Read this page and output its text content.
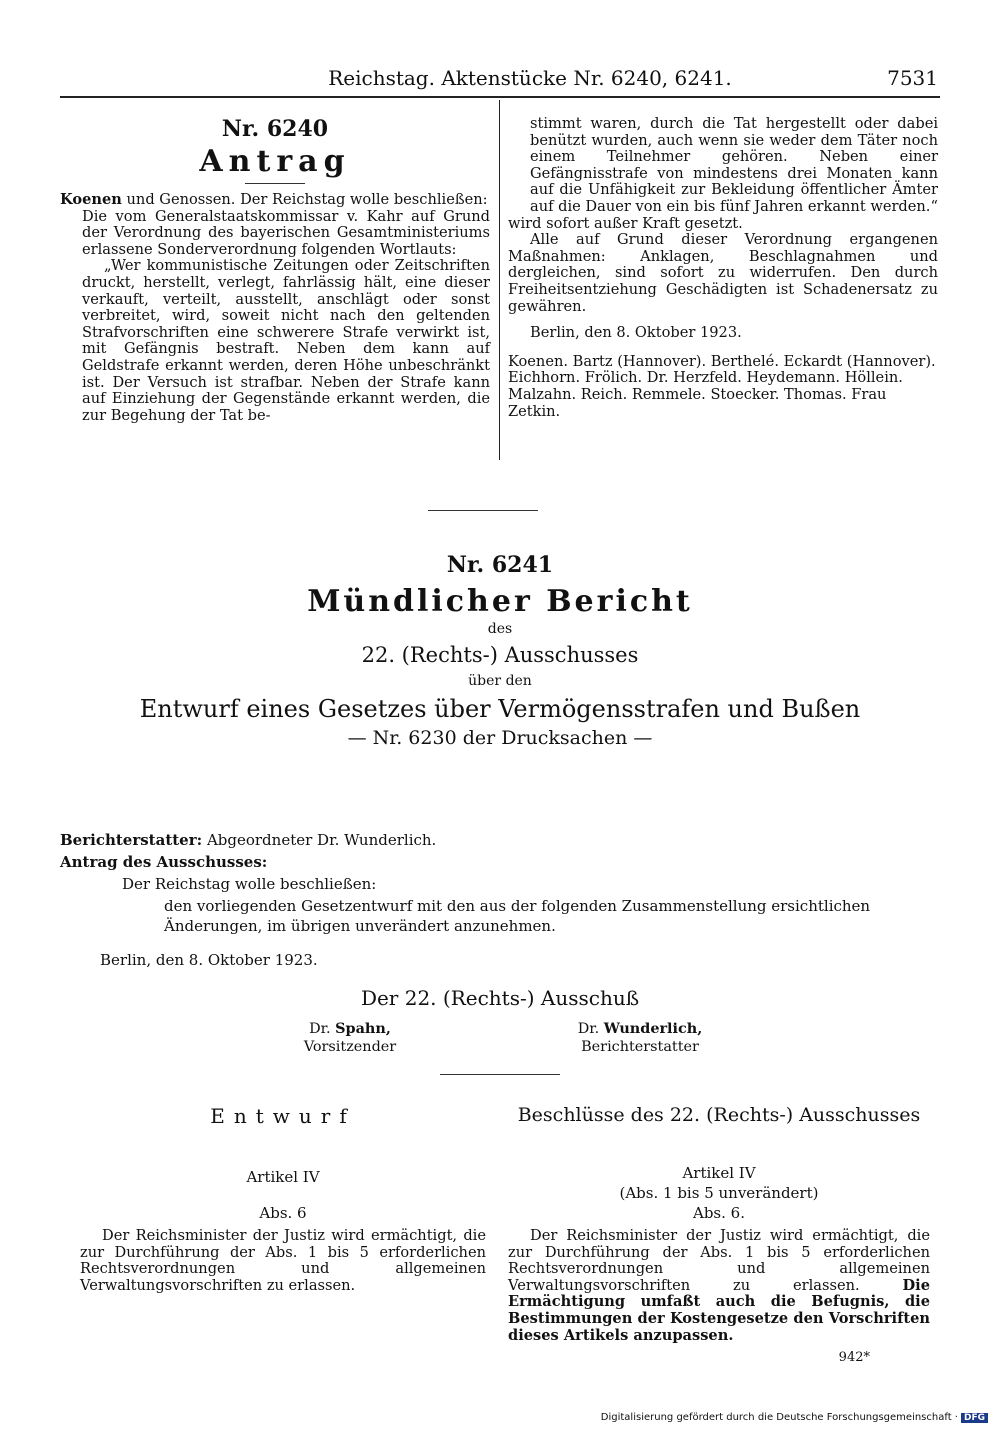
Reichstag. Aktenstücke Nr. 6240, 6241.	7531
Nr. 6240
Antrag

Koenen und Genossen. Der Reichstag wolle beschließen:

Die vom Generalstaatskommissar v. Kahr auf Grund der Verordnung des bayerischen Gesamtministeriums erlassene Sonderverordnung folgenden Wortlauts:

„Wer kommunistische Zeitungen oder Zeitschriften druckt, herstellt, verlegt, fahrlässig hält, eine dieser verkauft, verteilt, ausstellt, anschlägt oder sonst verbreitet, wird, soweit nicht nach den geltenden Strafvorschriften eine schwerere Strafe verwirkt ist, mit Gefängnis bestraft. Neben dem kann auf Geldstrafe erkannt werden, deren Höhe unbeschränkt ist. Der Versuch ist strafbar. Neben der Strafe kann auf Einziehung der Gegenstände erkannt werden, die zur Begehung der Tat be-

stimmt waren, durch die Tat hergestellt oder dabei benützt wurden, auch wenn sie weder dem Täter noch einem Teilnehmer gehören. Neben einer Gefängnisstrafe von mindestens drei Monaten kann auf die Unfähigkeit zur Bekleidung öffentlicher Ämter auf die Dauer von ein bis fünf Jahren erkannt werden.“

wird sofort außer Kraft gesetzt.

Alle auf Grund dieser Verordnung ergangenen Maßnahmen: Anklagen, Beschlagnahmen und dergleichen, sind sofort zu widerrufen. Den durch Freiheitsentziehung Geschädigten ist Schadenersatz zu gewähren.

Berlin, den 8. Oktober 1923.

Koenen. Bartz (Hannover). Berthelé. Eckardt (Hannover).
Eichhorn. Frölich. Dr. Herzfeld. Heydemann. Höllein.
Malzahn. Reich. Remmele. Stoecker. Thomas. Frau Zetkin.
Nr. 6241
Mündlicher Bericht
des
22. (Rechts-) Ausschusses
über den
Entwurf eines Gesetzes über Vermögensstrafen und Bußen
— Nr. 6230 der Drucksachen —
Berichterstatter: Abgeordneter Dr. Wunderlich.
Antrag des Ausschusses:
Der Reichstag wolle beschließen:
den vorliegenden Gesetzentwurf mit den aus der folgenden Zusammenstellung ersichtlichen Änderungen, im übrigen unverändert anzunehmen.
Berlin, den 8. Oktober 1923.
Der 22. (Rechts-) Ausschuß
Dr. Spahn,
Vorsitzender
Dr. Wunderlich,
Berichterstatter
Entwurf
Artikel IV
Abs. 6
Der Reichsminister der Justiz wird ermächtigt, die zur Durchführung der Abs. 1 bis 5 erforderlichen Rechtsverordnungen und allgemeinen Verwaltungsvorschriften zu erlassen.
Beschlüsse des 22. (Rechts-) Ausschusses
Artikel IV
(Abs. 1 bis 5 unverändert)
Abs. 6.
Der Reichsminister der Justiz wird ermächtigt, die zur Durchführung der Abs. 1 bis 5 erforderlichen Rechtsverordnungen und allgemeinen Verwaltungsvorschriften zu erlassen. Die Ermächtigung umfaßt auch die Befugnis, die Bestimmungen der Kostengesetze den Vorschriften dieses Artikels anzupassen.
942*
Digitalisierung gefördert durch die Deutsche Forschungsgemeinschaft · DFG
